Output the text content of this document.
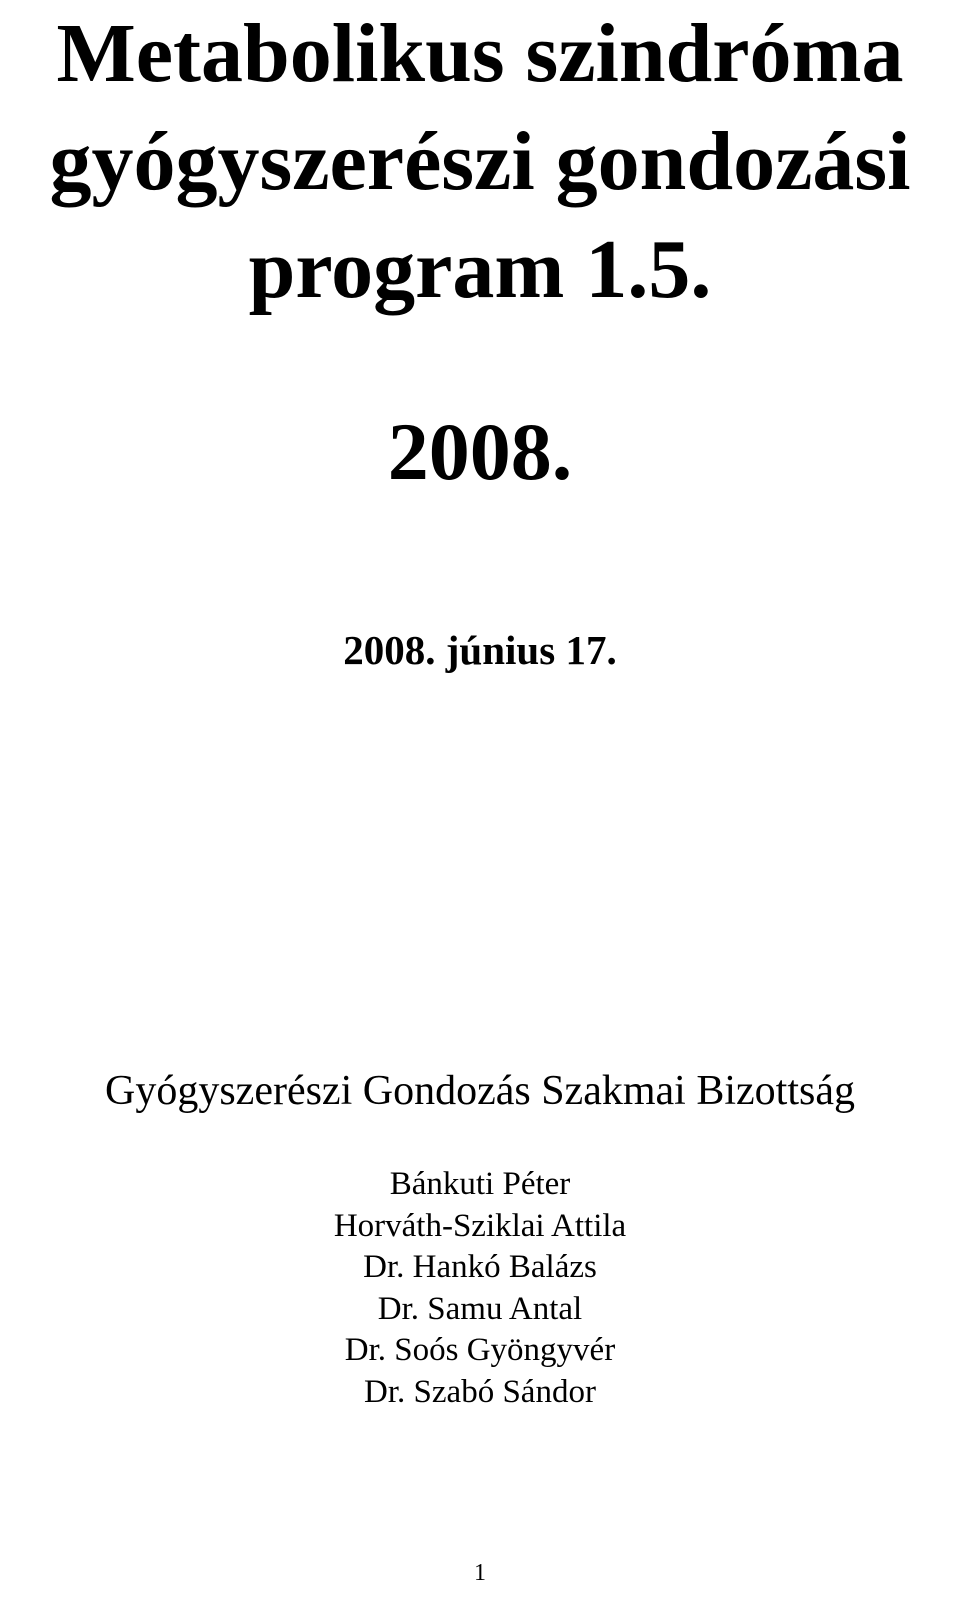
Metabolikus szindróma
gyógyszerészi gondozási
program 1.5.
2008.
2008. június 17.
Gyógyszerészi Gondozás Szakmai Bizottság
Bánkuti Péter
Horváth-Sziklai Attila
Dr. Hankó Balázs
Dr. Samu Antal
Dr. Soós Gyöngyvér
Dr. Szabó Sándor
1
